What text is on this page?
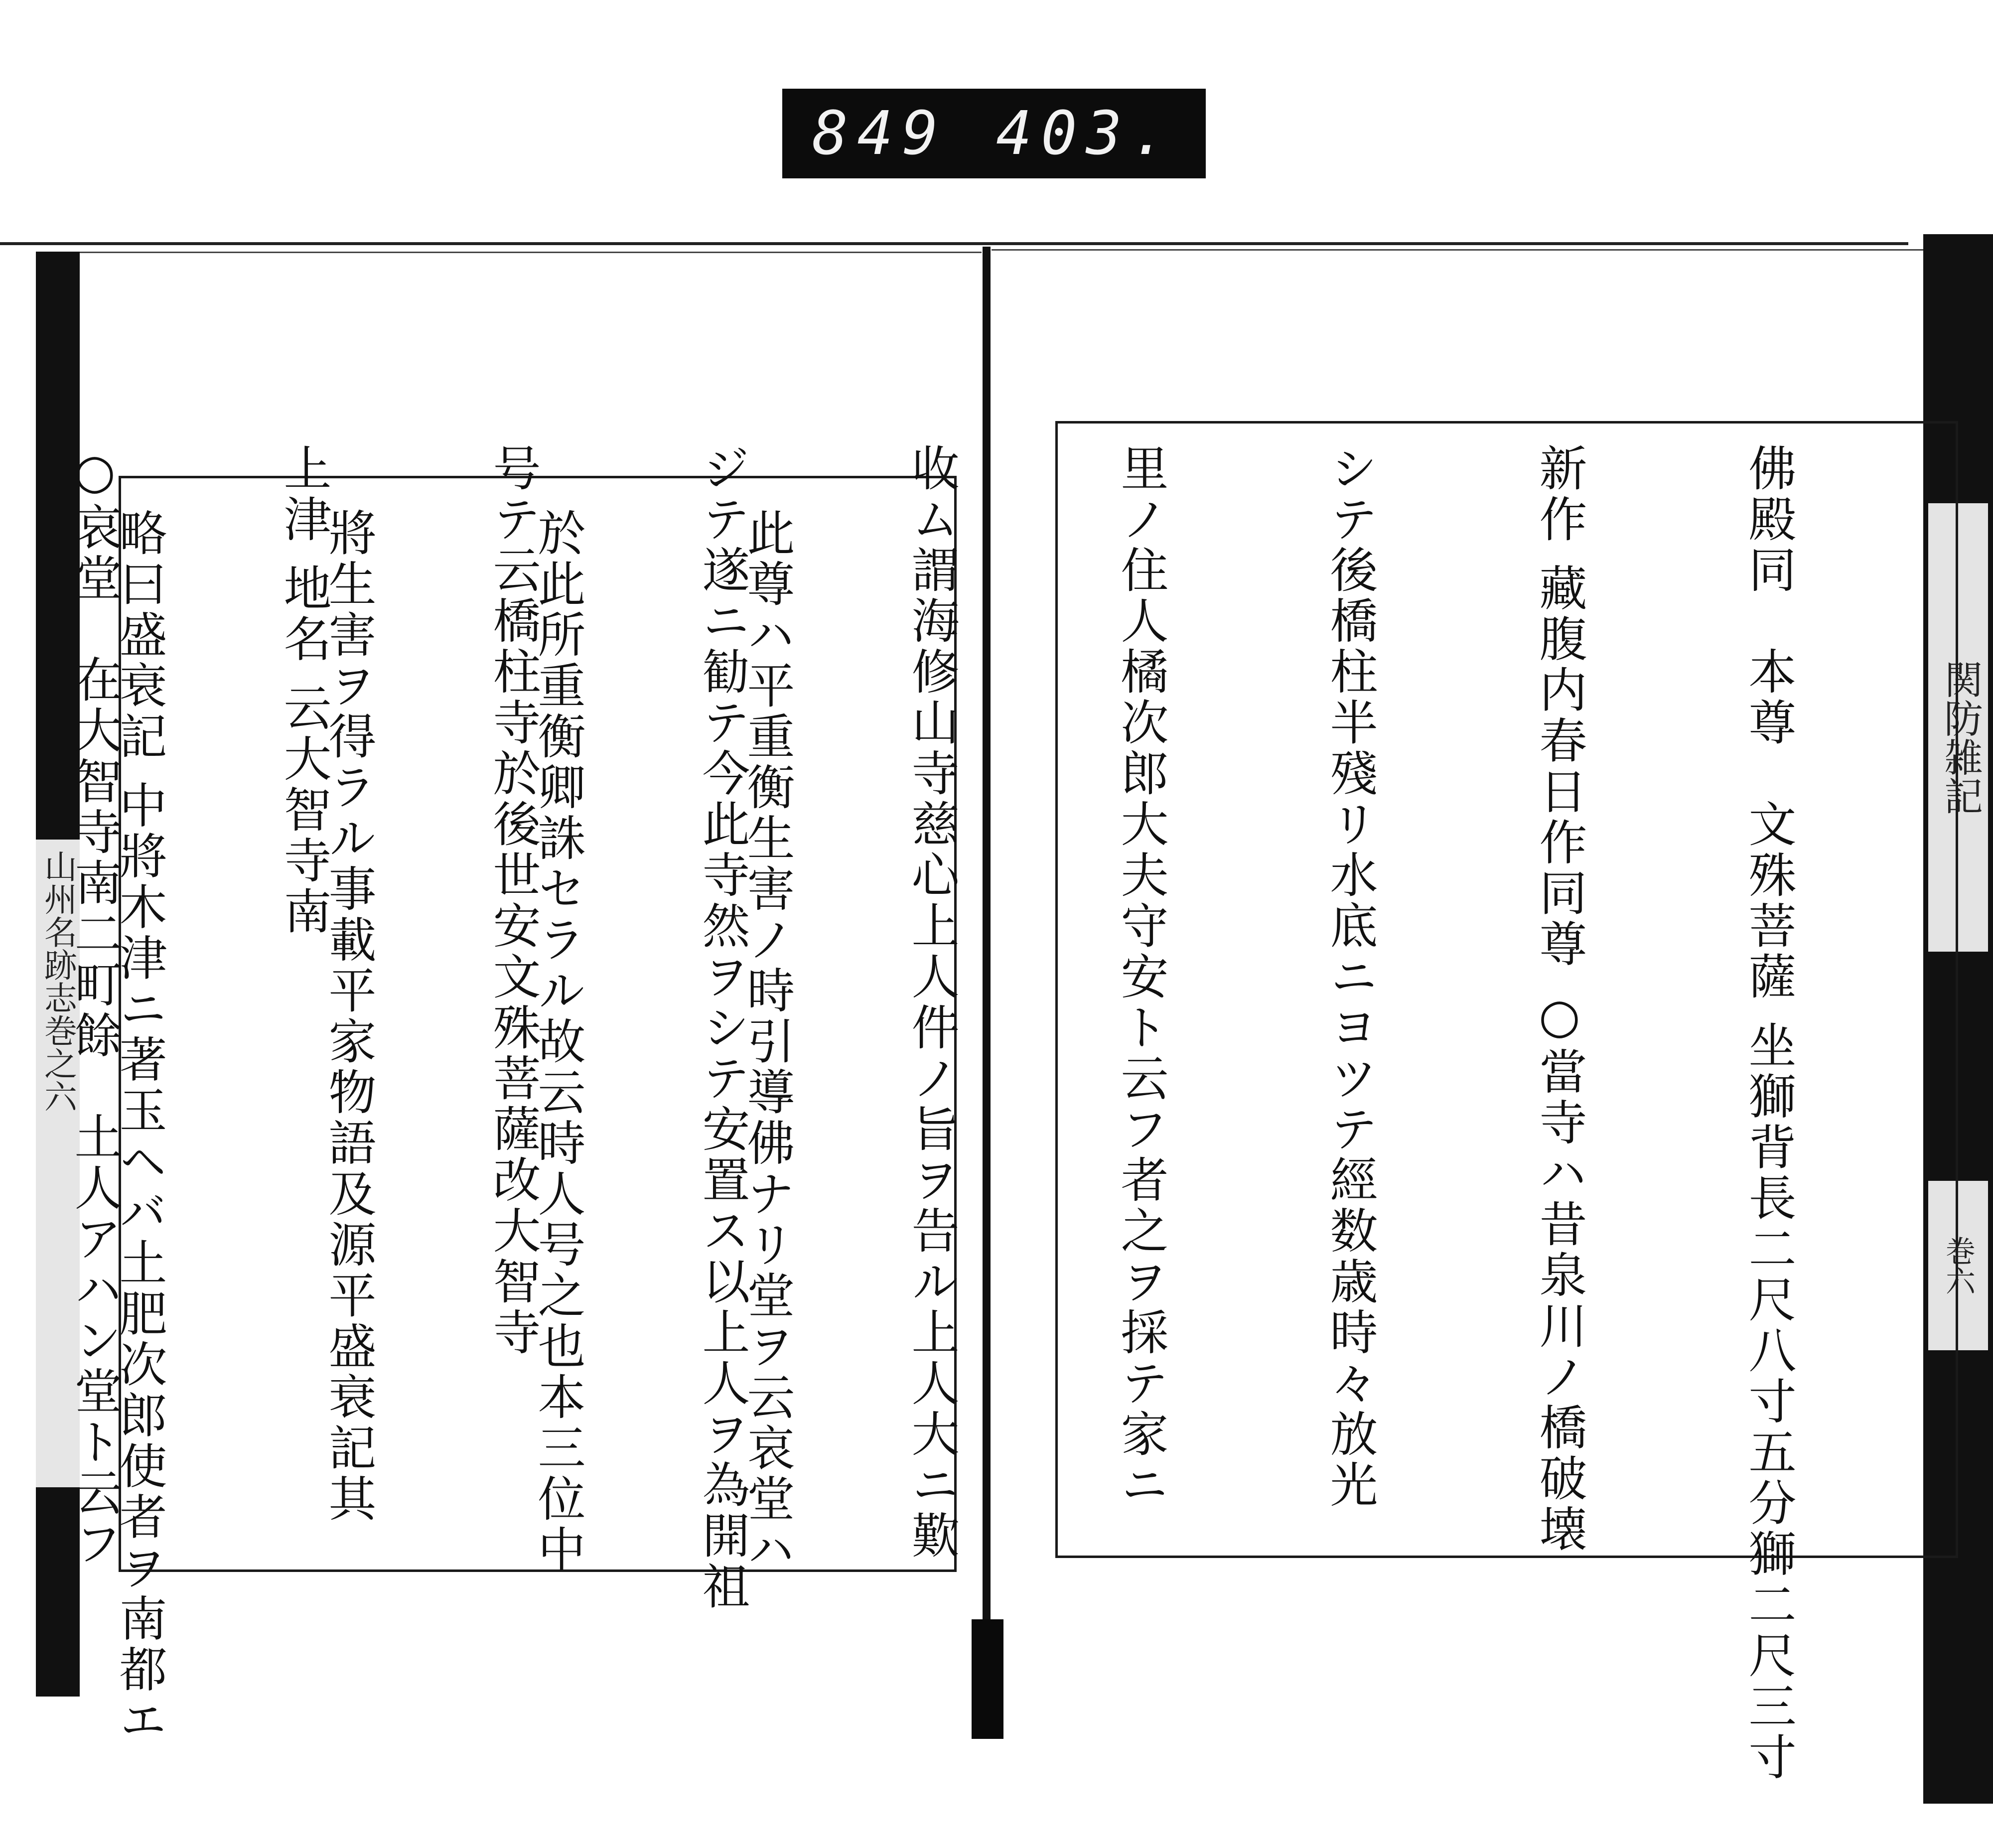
849 403.
山州名跡志巻之六
関防雑記
巻六

佛殿同　本尊　文殊菩薩 坐獅背長二尺八寸五分獅二尺三寸

新作 藏腹内春日作同尊 ○當寺ハ昔泉川ノ橋破壊

シテ後橋柱半殘リ水底ニヨツテ經数歳時々放光

里ノ住人橘次郎大夫守安ト云フ者之ヲ採テ家ニ

收ム謂海修山寺慈心上人件ノ旨ヲ告ル上人大ニ歎

ジテ遂ニ勧テ今此寺然ヲシテ安置ス以上人ヲ為開祖

号テ云橋柱寺於後世安文殊菩薩改大智寺

上津 地名 云大智寺南

○哀堂　在大智寺南二町餘　土人アハン堂ト云フ

	此尊ハ平重衡生害ノ時引導佛ナリ堂ヲ云哀堂ハ

於此所重衡卿誅セラル故云時人号之也本三位中

將生害ヲ得ラル事載平家物語及源平盛衰記其

略曰盛衰記 中將木津ニ著玉ヘバ土肥次郎使者ヲ南都エ
